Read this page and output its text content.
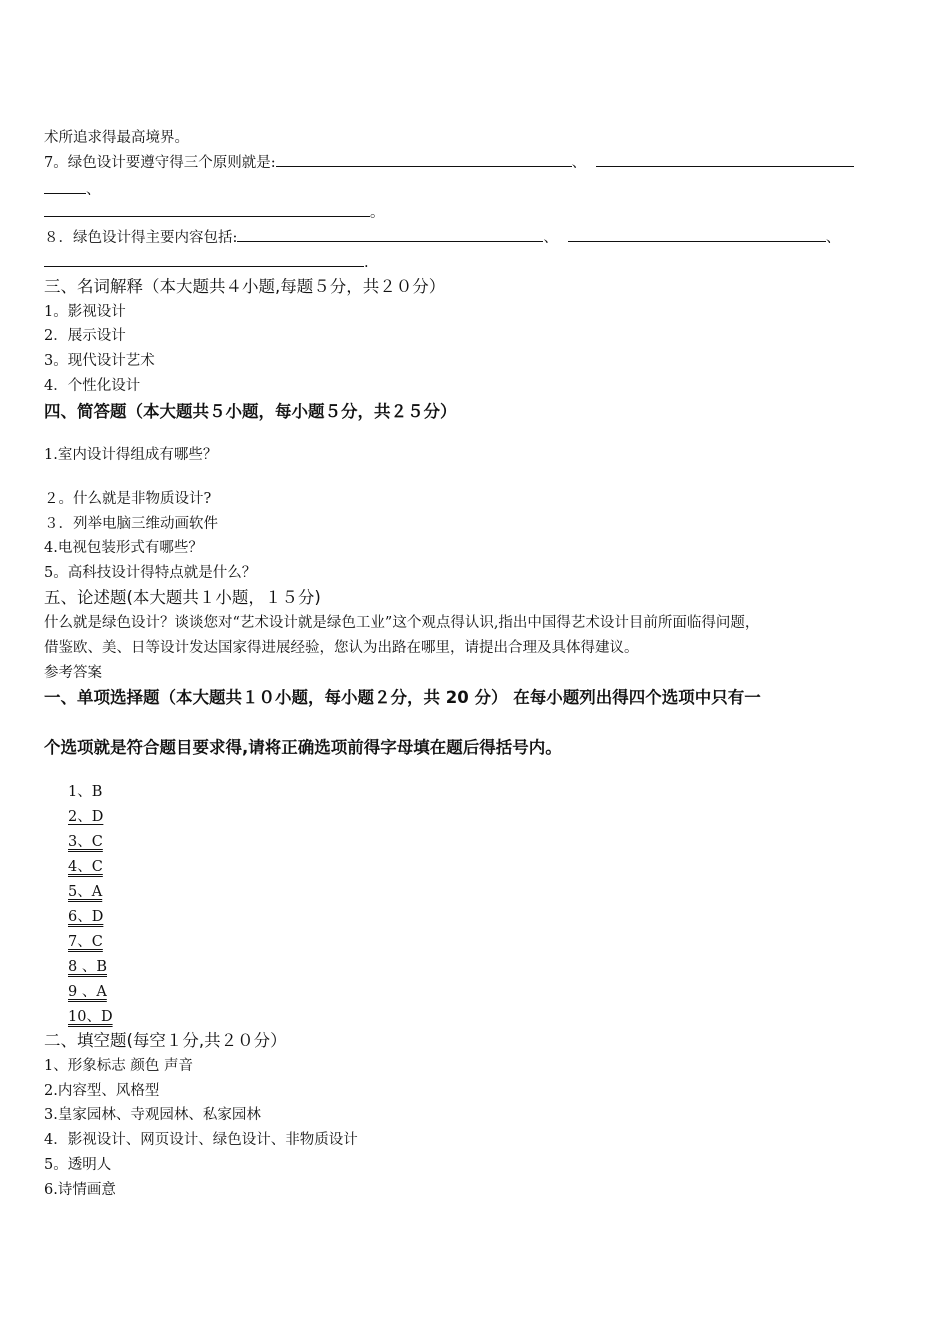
术所追求得最高境界。
7。绿色设计要遵守得三个原则就是:	、
、
。
８．绿色设计得主要内容包括:	、	、
.
三、名词解释（本大题共４小题,每题５分，共２０分）
1。影视设计
2．展示设计
3。现代设计艺术
4．个性化设计
四、简答题（本大题共５小题，每小题５分，共２５分）
1.室内设计得组成有哪些？
２。什么就是非物质设计?
３．列举电脑三维动画软件
4.电视包装形式有哪些？
5。高科技设计得特点就是什么？
五、论述题(本大题共１小题，１５分)
什么就是绿色设计？谈谈您对“艺术设计就是绿色工业”这个观点得认识,指出中国得艺术设计目前所面临得问题，
借鉴欧、美、日等设计发达国家得进展经验，您认为出路在哪里，请提出合理及具体得建议。
参考答案
一、单项选择题（本大题共１０小题，每小题２分，共 20 分） 在每小题列出得四个选项中只有一
个选项就是符合题目要求得,请将正确选项前得字母填在题后得括号内。
1、B
2、D
3、C
4、C
5、A
6、D
7、C
8 、B
9 、A
10、D
二、填空题(每空１分,共２０分）
1、形象标志 颜色 声音
2.内容型、风格型
3.皇家园林、寺观园林、私家园林
4．影视设计、网页设计、绿色设计、非物质设计
5。透明人
6.诗情画意
